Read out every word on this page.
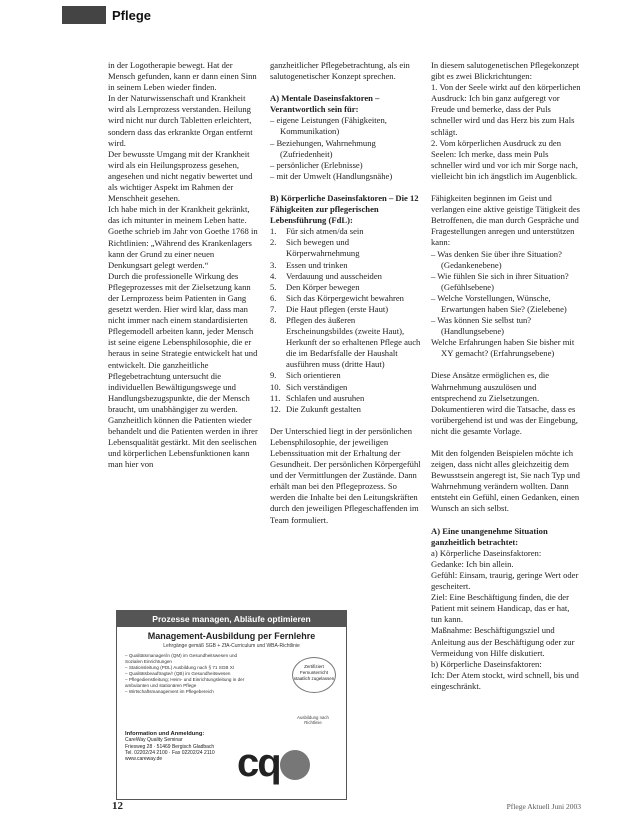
Pflege

in der Logotherapie bewegt. Hat der Mensch gefunden, kann er dann einen Sinn in seinem Leben wieder finden.

In der Naturwissenschaft und Krankheit wird als Lernprozess verstanden. Heilung wird nicht nur durch Tabletten erleichtert, sondern dass das erkrankte Organ entfernt wird.

Der bewusste Umgang mit der Krankheit wird als ein Heilungsprozess gesehen, angesehen und nicht negativ bewertet und als wichtiger Aspekt im Rahmen der Menschheit gesehen.

Ich habe mich in der Krankheit gekränkt, das ich mitunter in meinem Leben hatte. Goethe schrieb im Jahr von Goethe 1768 in Richtlinien: „Während des Krankenlagers kann der Grund zu einer neuen Denkungsart gelegt werden.“

Durch die professionelle Wirkung des Pflegeprozesses mit der Zielsetzung kann der Lernprozess beim Patienten in Gang gesetzt werden. Hier wird klar, dass man nicht immer nach einem standardisierten Pflegemodell arbeiten kann, jeder Mensch ist seine eigene Lebensphilosophie, die er heraus in seine Strategie entwickelt hat und entwickelt. Die ganzheitliche Pflegebetrachtung untersucht die individuellen Bewältigungswege und Handlungsbezugspunkte, die der Mensch braucht, um unabhängiger zu werden. Ganzheitlich können die Patienten wieder behandelt und die Patienten werden in ihrer Lebensqualität gestärkt. Mit den seelischen und körperlichen Lebensfunktionen kann man hier von

ganzheitlicher Pflegebetrachtung, als ein salutogenetischer Konzept sprechen.

A) Mentale Daseinsfaktoren – Verantwortlich sein für:

– eigene Leistungen (Fähigkeiten, Kommunikation)

– Beziehungen, Wahrnehmung (Zufriedenheit)

– persönlicher (Erlebnisse)

– mit der Umwelt (Handlungsnähe)

B) Körperliche Daseinsfaktoren – Die 12 Fähigkeiten zur pflegerischen Lebensführung (FdL):

1.	Für sich atmen/da sein
2.	Sich bewegen und Körperwahrnehmung
3.	Essen und trinken
4.	Verdauung und ausscheiden
5.	Den Körper bewegen
6.	Sich das Körpergewicht bewahren
7.	Die Haut pflegen (erste Haut)
8.	Pflegen des äußeren Erscheinungsbildes (zweite Haut), Herkunft der so erhaltenen Pflege auch die im Bedarfsfalle der Haushalt ausführen muss (dritte Haut)
9.	Sich orientieren
10. Sich verständigen
11. Schlafen und ausruhen
12. Die Zukunft gestalten

Der Unterschied liegt in der persönlichen Lebensphilosophie, der jeweiligen Lebenssituation mit der Erhaltung der Gesundheit. Der persönlichen Körpergefühl und der Vermittlungen der Zustände. Dann erhält man bei den Pflegeprozess. So werden die Inhalte bei den Leitungskräften durch den jeweiligen Pflegeschaffenden im Team formuliert.

In diesem salutogenetischen Pflegekonzept gibt es zwei Blickrichtungen:

1. Von der Seele wirkt auf den körperlichen Ausdruck: Ich bin ganz aufgeregt vor Freude und bemerke, dass der Puls schneller wird und das Herz bis zum Hals schlägt.

2. Vom körperlichen Ausdruck zu den Seelen: Ich merke, dass mein Puls schneller wird und vor ich mir Sorge nach, vielleicht bin ich ängstlich im Augenblick.

Fähigkeiten beginnen im Geist und verlangen eine aktive geistige Tätigkeit des Betroffenen, die man durch Gespräche und Fragestellungen anregen und unterstützen kann:

– Was denken Sie über ihre Situation? (Gedankenebene)

– Wie fühlen Sie sich in ihrer Situation? (Gefühlsebene)

– Welche Vorstellungen, Wünsche, Erwartungen haben Sie? (Zielebene)

– Was können Sie selbst tun? (Handlungsebene)

Welche Erfahrungen haben Sie bisher mit XY gemacht? (Erfahrungsebene)

Diese Ansätze ermöglichen es, die Wahrnehmung auszulösen und entsprechend zu Zielsetzungen. Dokumentieren wird die Tatsache, dass es vorübergehend ist und was der Eingebung, nicht die gesamte Vorlage.

Mit den folgenden Beispielen möchte ich zeigen, dass nicht alles gleichzeitig dem Bewusstsein angeregt ist, Sie nach Typ und Wahrnehmung verändern wollten. Dann entsteht ein Gefühl, einen Gedanken, einen Wunsch an sich selbst.

A) Eine unangenehme Situation ganzheitlich betrachtet:

a) Körperliche Daseinsfaktoren:

Gedanke: Ich bin allein.

Gefühl: Einsam, traurig, geringe Wert oder gescheitert.

Ziel: Eine Beschäftigung finden, die der Patient mit seinem Handicap, das er hat, tun kann.

Maßnahme: Beschäftigungsziel und Anleitung aus der Beschäftigung oder zur Vermeidung von Hilfe diskutiert.

b) Körperliche Daseinsfaktoren:

Ich: Der Atem stockt, wird schnell, bis und eingeschränkt.

Prozesse managen, Abläufe optimieren
Management-Ausbildung per Fernlehre
Lehrgänge gemäß SGB + ZfA-Curriculum und WBA-Richtlinie
– Qualitätsmanager/in (QM) im Gesundheitswesen und Sozialen Einrichtungen
– Stationsleitung (PDL) Ausbildung nach § 71 SGB XI
– Qualitätsbeauftragte/r (QB) im Gesundheitswesen
– Pflegedienstleitung; Heim- und Einrichtungsleitung in der ambulanten und stationären Pflege
– Wirtschaftsmanagement im Pflegebereich
Zertifiziert Fernunterricht staatlich zugelassen
Ausbildung nach Richtlinie
Information und Anmeldung:
CareWay Quality Seminar
Friesweg 28 · 51469 Bergisch Gladbach
Tel. 02202/24 2100 · Fax 02202/24 2110
www.careway.de	cq
12	Pflege Aktuell Juni 2003
